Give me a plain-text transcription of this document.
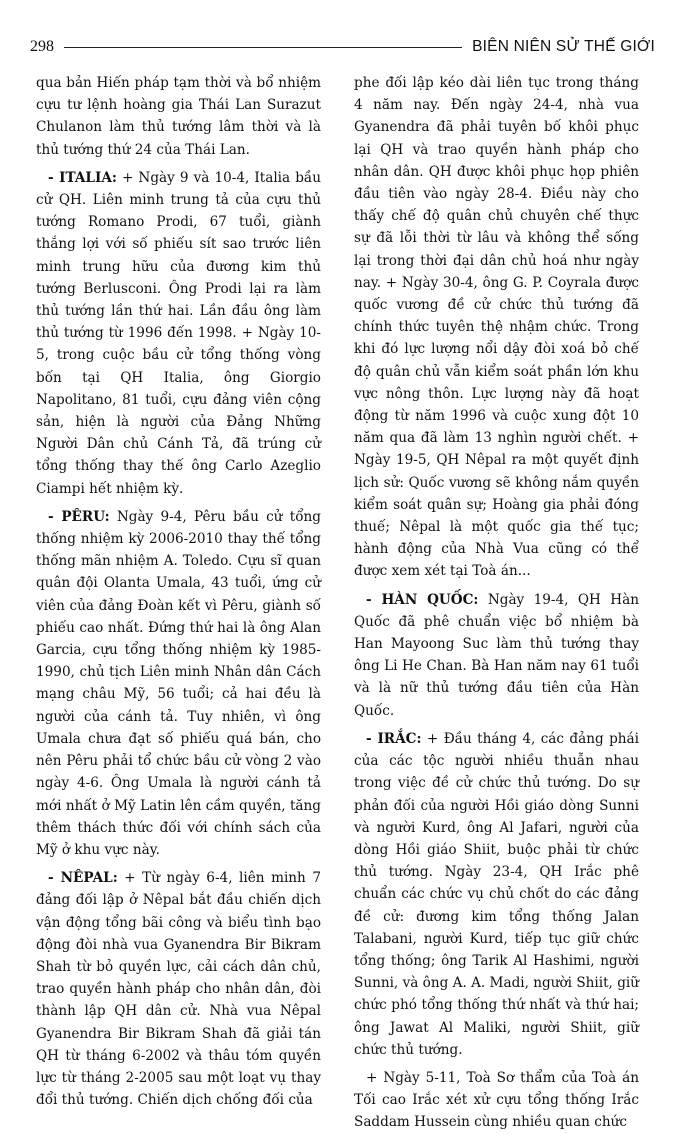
298	BIÊN NIÊN SỬ THẾ GIỚI

qua bản Hiến pháp tạm thời và bổ nhiệm cựu tư lệnh hoàng gia Thái Lan Surazut Chulanon làm thủ tướng lâm thời và là thủ tướng thứ 24 của Thái Lan.

- ITALIA: + Ngày 9 và 10-4, Italia bầu cử QH. Liên minh trung tả của cựu thủ tướng Romano Prodi, 67 tuổi, giành thắng lợi với số phiếu sít sao trước liên minh trung hữu của đương kim thủ tướng Berlusconi. Ông Prodi lại ra làm thủ tướng lần thứ hai. Lần đầu ông làm thủ tướng từ 1996 đến 1998. + Ngày 10-5, trong cuộc bầu cử tổng thống vòng bốn tại QH Italia, ông Giorgio Napolitano, 81 tuổi, cựu đảng viên cộng sản, hiện là người của Đảng Những Người Dân chủ Cánh Tả, đã trúng cử tổng thống thay thế ông Carlo Azeglio Ciampi hết nhiệm kỳ.

- PÊRU: Ngày 9-4, Pêru bầu cử tổng thống nhiệm kỳ 2006-2010 thay thế tổng thống mãn nhiệm A. Toledo. Cựu sĩ quan quân đội Olanta Umala, 43 tuổi, ứng cử viên của đảng Đoàn kết vì Pêru, giành số phiếu cao nhất. Đứng thứ hai là ông Alan Garcia, cựu tổng thống nhiệm kỳ 1985-1990, chủ tịch Liên minh Nhân dân Cách mạng châu Mỹ, 56 tuổi; cả hai đều là người của cánh tả. Tuy nhiên, vì ông Umala chưa đạt số phiếu quá bán, cho nên Pêru phải tổ chức bầu cử vòng 2 vào ngày 4-6. Ông Umala là người cánh tả mới nhất ở Mỹ Latin lên cầm quyền, tăng thêm thách thức đối với chính sách của Mỹ ở khu vực này.

- NÊPAL: + Từ ngày 6-4, liên minh 7 đảng đối lập ở Nêpal bắt đầu chiến dịch vận động tổng bãi công và biểu tình bạo động đòi nhà vua Gyanendra Bir Bikram Shah từ bỏ quyền lực, cải cách dân chủ, trao quyền hành pháp cho nhân dân, đòi thành lập QH dân cử. Nhà vua Nêpal Gyanendra Bir Bikram Shah đã giải tán QH từ tháng 6-2002 và thâu tóm quyền lực từ tháng 2-2005 sau một loạt vụ thay đổi thủ tướng. Chiến dịch chống đối của

phe đối lập kéo dài liên tục trong tháng 4 năm nay. Đến ngày 24-4, nhà vua Gyanendra đã phải tuyên bố khôi phục lại QH và trao quyền hành pháp cho nhân dân. QH được khôi phục họp phiên đầu tiên vào ngày 28-4. Điều này cho thấy chế độ quân chủ chuyên chế thực sự đã lỗi thời từ lâu và không thể sống lại trong thời đại dân chủ hoá như ngày nay. + Ngày 30-4, ông G. P. Coyrala được quốc vương đề cử chức thủ tướng đã chính thức tuyên thệ nhậm chức. Trong khi đó lực lượng nổi dậy đòi xoá bỏ chế độ quân chủ vẫn kiểm soát phần lớn khu vực nông thôn. Lực lượng này đã hoạt động từ năm 1996 và cuộc xung đột 10 năm qua đã làm 13 nghìn người chết. + Ngày 19-5, QH Nêpal ra một quyết định lịch sử: Quốc vương sẽ không nắm quyền kiểm soát quân sự; Hoàng gia phải đóng thuế; Nêpal là một quốc gia thế tục; hành động của Nhà Vua cũng có thể được xem xét tại Toà án...

- HÀN QUỐC: Ngày 19-4, QH Hàn Quốc đã phê chuẩn việc bổ nhiệm bà Han Mayoong Suc làm thủ tướng thay ông Li He Chan. Bà Han năm nay 61 tuổi và là nữ thủ tướng đầu tiên của Hàn Quốc.

- IRẮC: + Đầu tháng 4, các đảng phái của các tộc người nhiều thuẫn nhau trong việc đề cử chức thủ tướng. Do sự phản đối của người Hồi giáo dòng Sunni và người Kurd, ông Al Jafari, người của dòng Hồi giáo Shiit, buộc phải từ chức thủ tướng. Ngày 23-4, QH Irắc phê chuẩn các chức vụ chủ chốt do các đảng đề cử: đương kim tổng thống Jalan Talabani, người Kurd, tiếp tục giữ chức tổng thống; ông Tarik Al Hashimi, người Sunni, và ông A. A. Madi, người Shiit, giữ chức phó tổng thống thứ nhất và thứ hai; ông Jawat Al Maliki, người Shiit, giữ chức thủ tướng.

+ Ngày 5-11, Toà Sơ thẩm của Toà án Tối cao Irắc xét xử cựu tổng thống Irắc Saddam Hussein cùng nhiều quan chức
